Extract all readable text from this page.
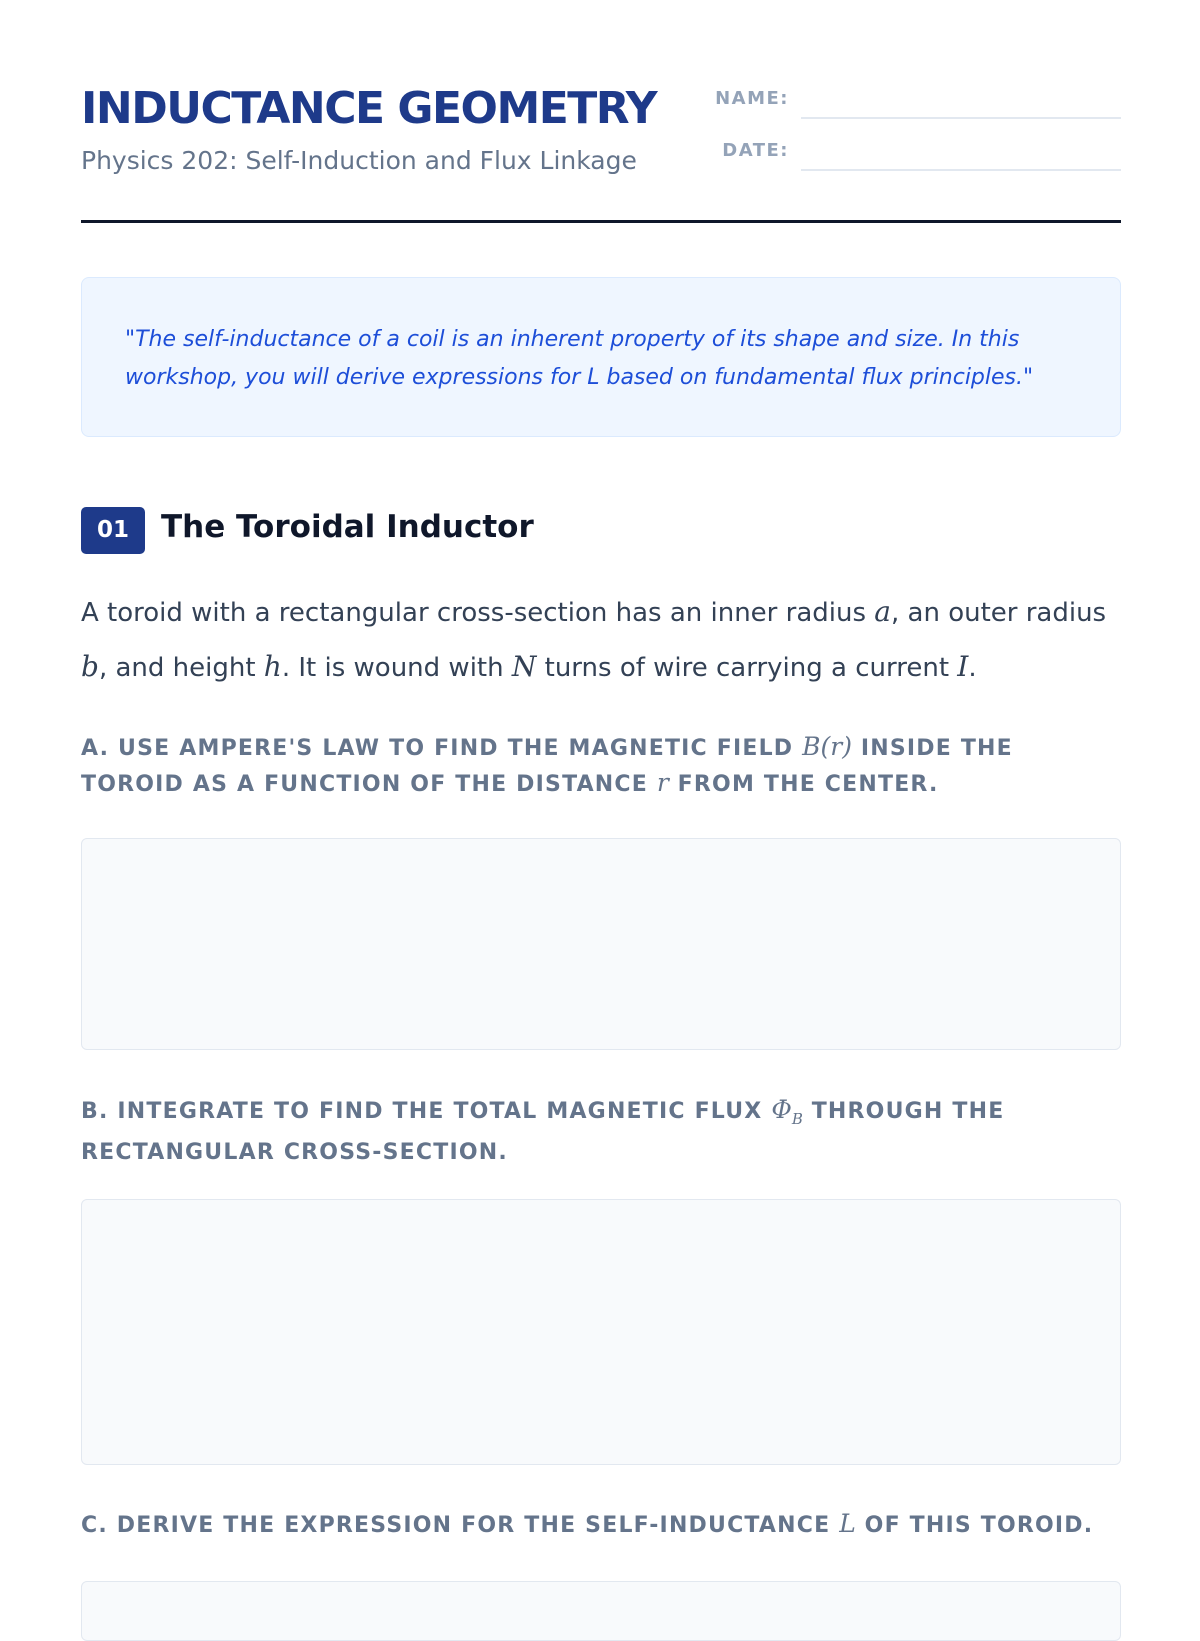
INDUCTANCE GEOMETRY
Physics 202: Self-Induction and Flux Linkage
NAME:
DATE:
"The self-inductance of a coil is an inherent property of its shape and size. In this workshop, you will derive expressions for L based on fundamental flux principles."
01	The Toroidal Inductor
A toroid with a rectangular cross-section has an inner radius a, an outer radius b, and height h. It is wound with N turns of wire carrying a current I.
A. USE AMPERE'S LAW TO FIND THE MAGNETIC FIELD B(r) INSIDE THE TOROID AS A FUNCTION OF THE DISTANCE r FROM THE CENTER.
B. INTEGRATE TO FIND THE TOTAL MAGNETIC FLUX $\Phi_B$ THROUGH THE RECTANGULAR CROSS-SECTION.
C. DERIVE THE EXPRESSION FOR THE SELF-INDUCTANCE L OF THIS TOROID.
